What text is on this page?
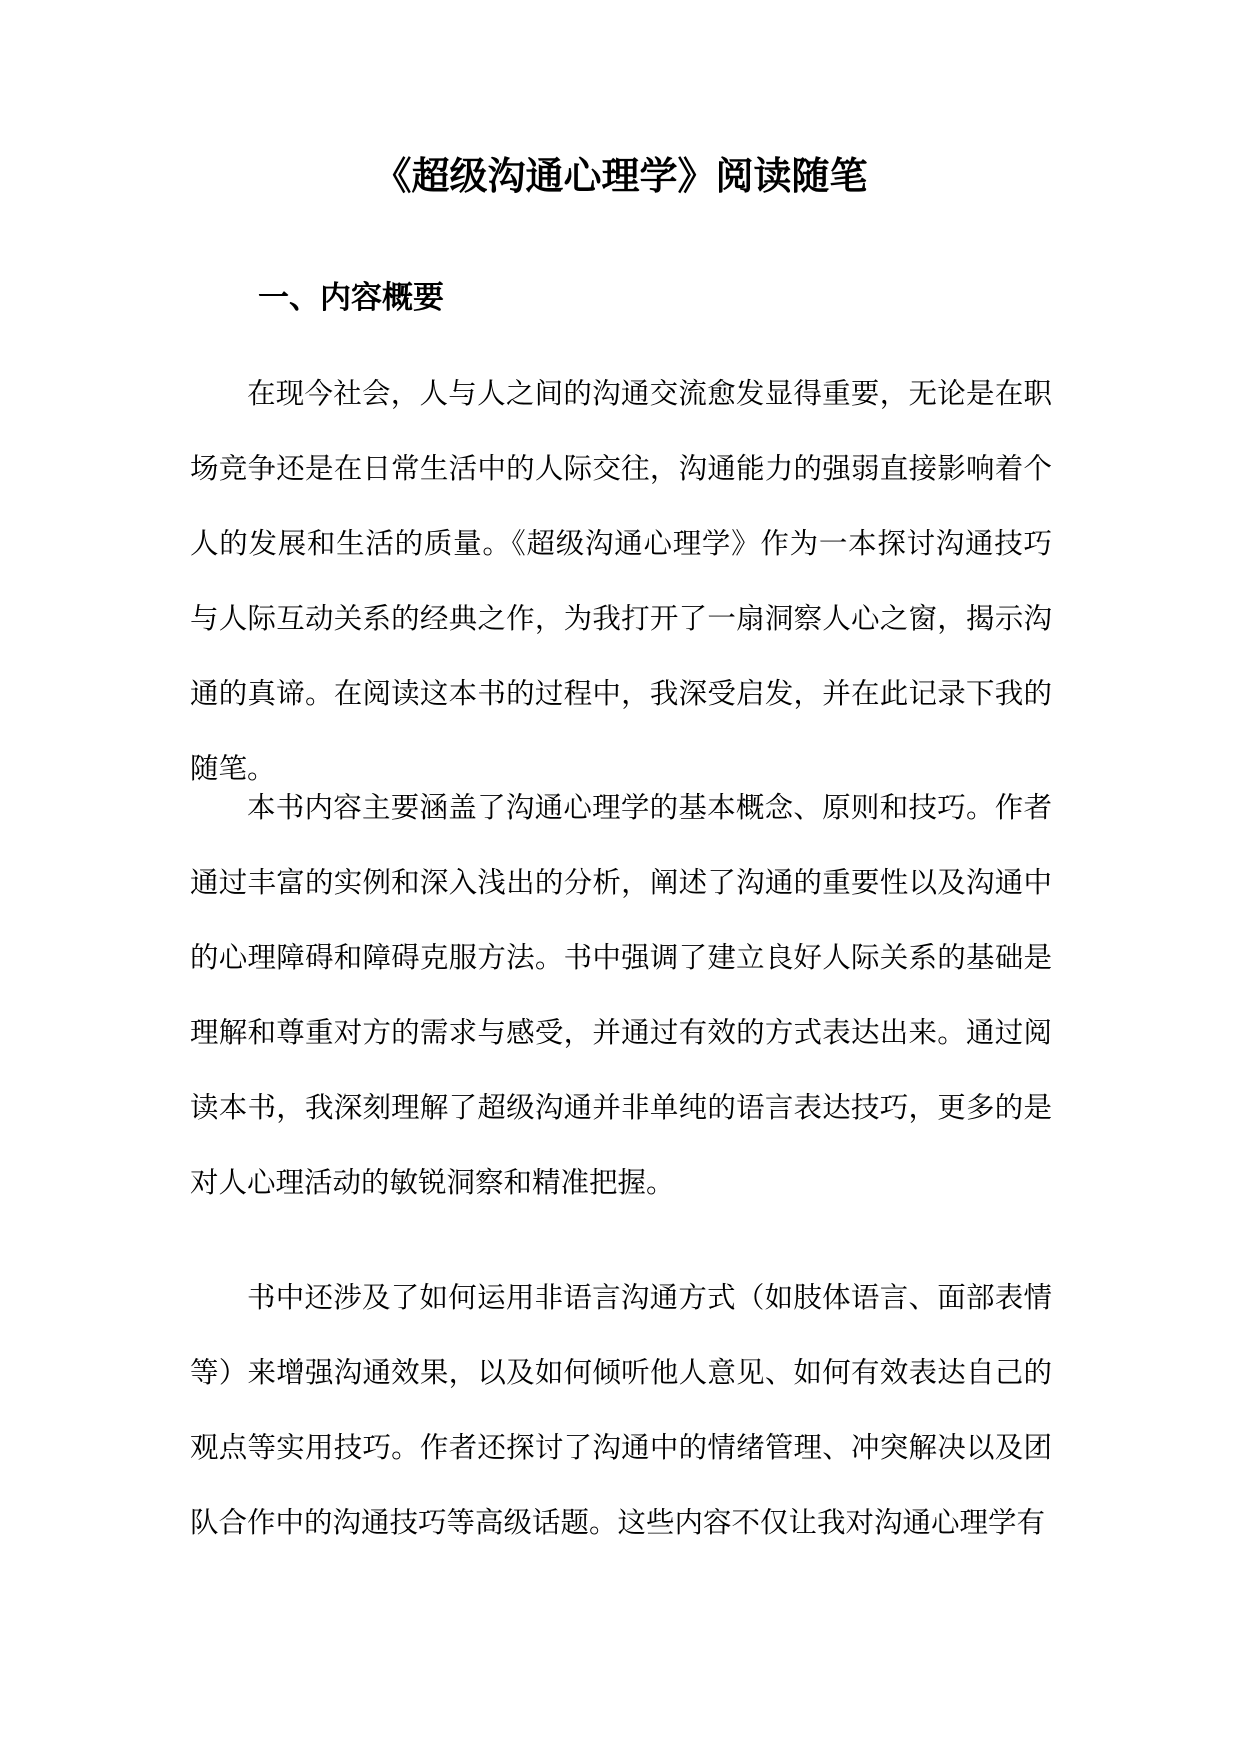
《超级沟通心理学》阅读随笔
一、内容概要

在现今社会，人与人之间的沟通交流愈发显得重要，无论是在职场竞争还是在日常生活中的人际交往，沟通能力的强弱直接影响着个人的发展和生活的质量。《超级沟通心理学》作为一本探讨沟通技巧与人际互动关系的经典之作，为我打开了一扇洞察人心之窗，揭示沟通的真谛。在阅读这本书的过程中，我深受启发，并在此记录下我的随笔。

本书内容主要涵盖了沟通心理学的基本概念、原则和技巧。作者通过丰富的实例和深入浅出的分析，阐述了沟通的重要性以及沟通中的心理障碍和障碍克服方法。书中强调了建立良好人际关系的基础是理解和尊重对方的需求与感受，并通过有效的方式表达出来。通过阅读本书，我深刻理解了超级沟通并非单纯的语言表达技巧，更多的是对人心理活动的敏锐洞察和精准把握。

书中还涉及了如何运用非语言沟通方式（如肢体语言、面部表情等）来增强沟通效果，以及如何倾听他人意见、如何有效表达自己的观点等实用技巧。作者还探讨了沟通中的情绪管理、冲突解决以及团队合作中的沟通技巧等高级话题。这些内容不仅让我对沟通心理学有
